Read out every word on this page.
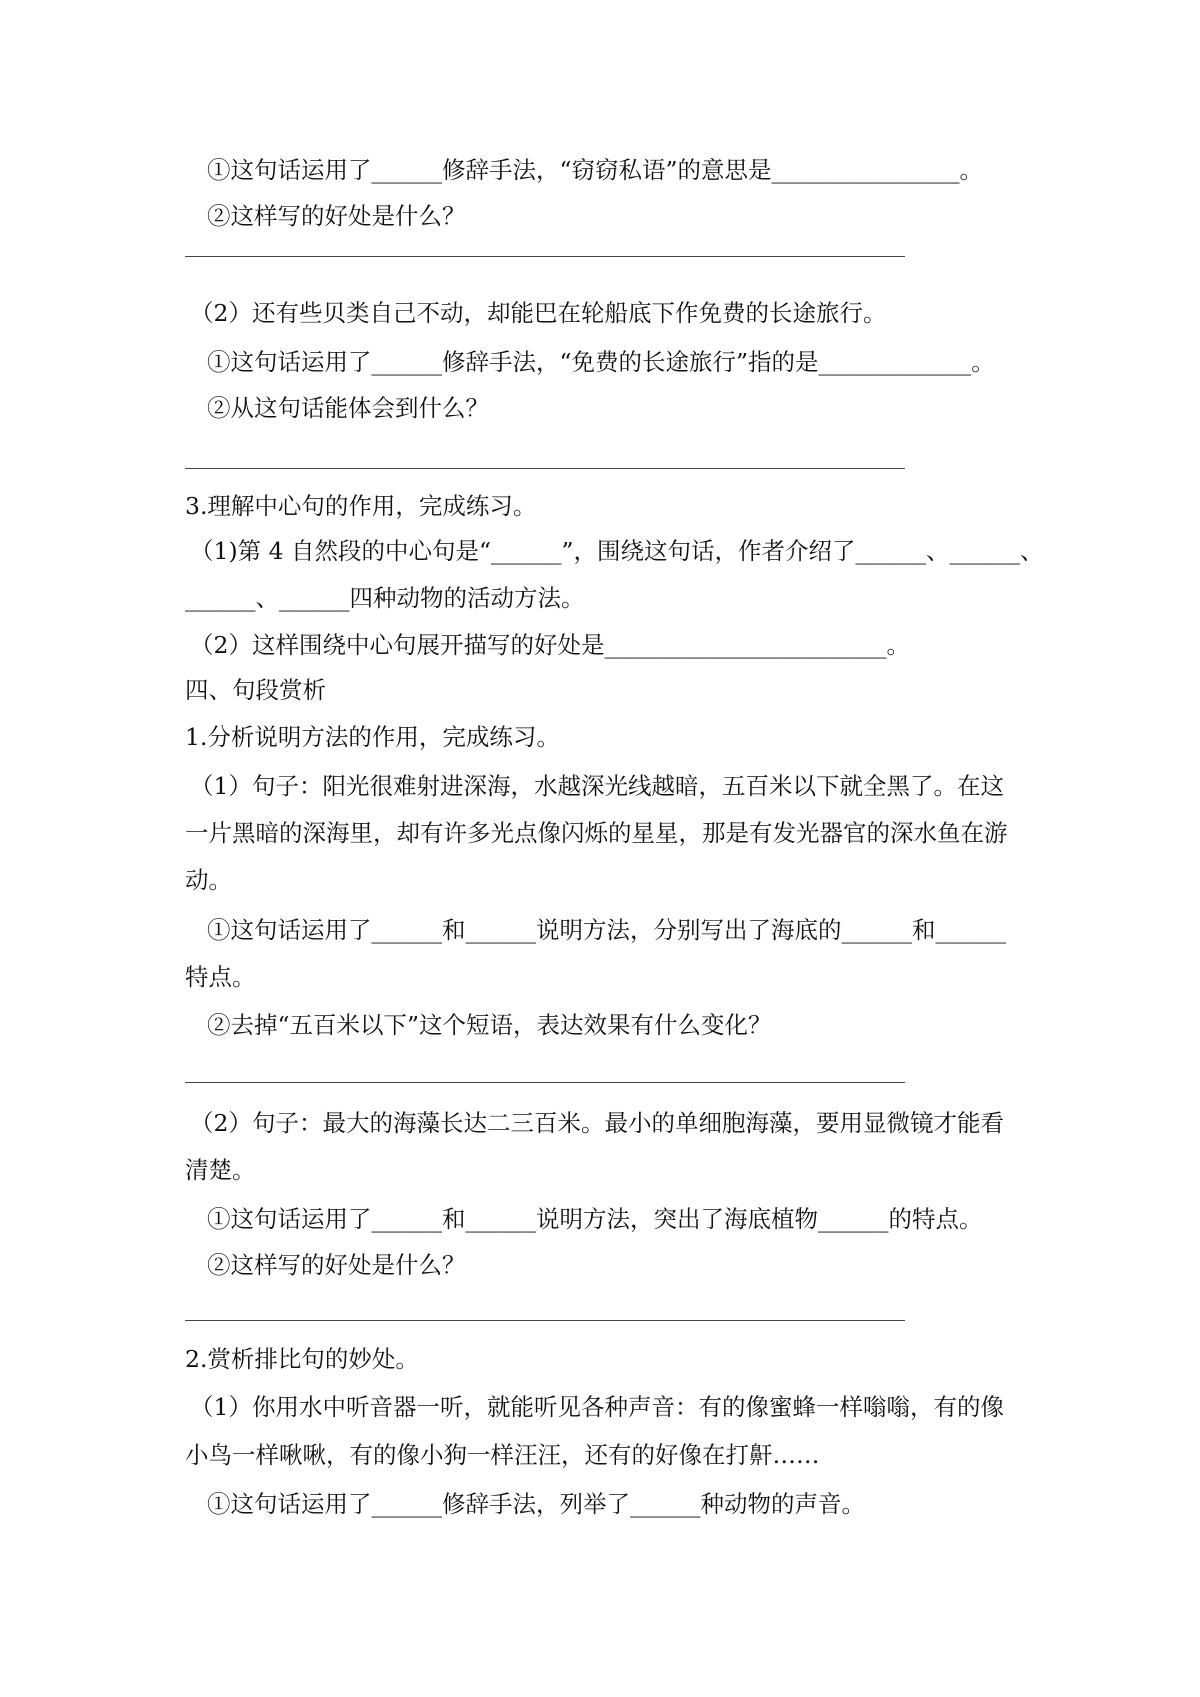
①这句话运用了______修辞手法，“窃窃私语”的意思是________________。
②这样写的好处是什么？
（2）还有些贝类自己不动，却能巴在轮船底下作免费的长途旅行。
①这句话运用了______修辞手法，“免费的长途旅行”指的是_____________。
②从这句话能体会到什么？
3.理解中心句的作用，完成练习。
（1)第 4 自然段的中心句是“______”，围绕这句话，作者介绍了______、______、
______、______四种动物的活动方法。
（2）这样围绕中心句展开描写的好处是________________________。
四、句段赏析
1.分析说明方法的作用，完成练习。
（1）句子：阳光很难射进深海，水越深光线越暗，五百米以下就全黑了。在这
一片黑暗的深海里，却有许多光点像闪烁的星星，那是有发光器官的深水鱼在游
动。
①这句话运用了______和______说明方法，分别写出了海底的______和______
特点。
②去掉“五百米以下”这个短语，表达效果有什么变化？
（2）句子：最大的海藻长达二三百米。最小的单细胞海藻，要用显微镜才能看
清楚。
①这句话运用了______和______说明方法，突出了海底植物______的特点。
②这样写的好处是什么？
2.赏析排比句的妙处。
（1）你用水中听音器一听，就能听见各种声音：有的像蜜蜂一样嗡嗡，有的像
小鸟一样啾啾，有的像小狗一样汪汪，还有的好像在打鼾……
①这句话运用了______修辞手法，列举了______种动物的声音。
